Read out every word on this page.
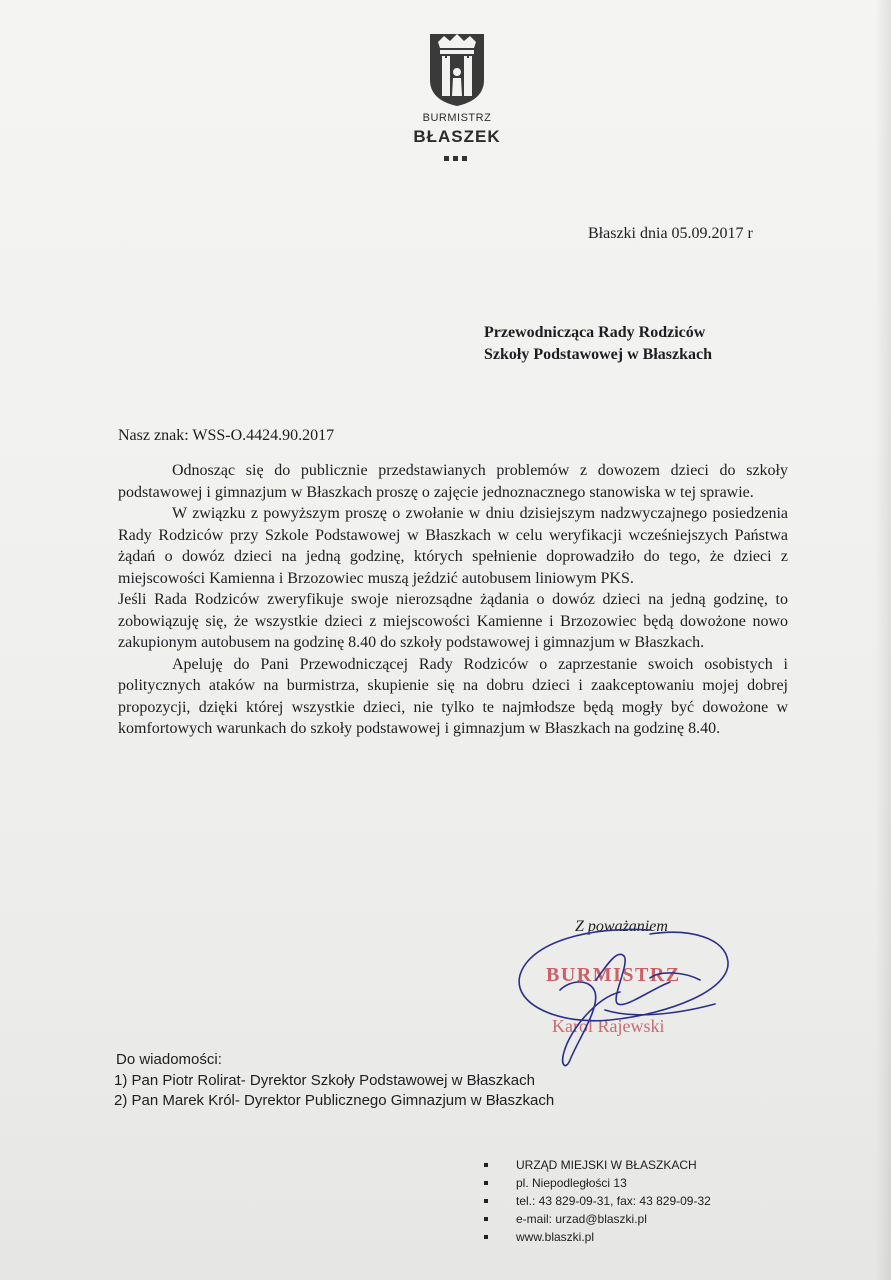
BURMISTRZ
BŁASZEK
Błaszki dnia 05.09.2017 r
Przewodnicząca Rady Rodziców
Szkoły Podstawowej w Błaszkach
Nasz znak: WSS-O.4424.90.2017

Odnosząc się do publicznie przedstawianych problemów z dowozem dzieci do szkoły podstawowej i gimnazjum w Błaszkach proszę o zajęcie jednoznacznego stanowiska w tej sprawie.

W związku z powyższym proszę o zwołanie w dniu dzisiejszym nadzwyczajnego posiedzenia Rady Rodziców przy Szkole Podstawowej w Błaszkach w celu weryfikacji wcześniejszych Państwa żądań o dowóz dzieci na jedną godzinę, których spełnienie doprowadziło do tego, że dzieci z miejscowości Kamienna i Brzozowiec muszą jeździć autobusem liniowym PKS.

Jeśli Rada Rodziców zweryfikuje swoje nierozsądne żądania o dowóz dzieci na jedną godzinę, to zobowiązuję się, że wszystkie dzieci z miejscowości Kamienne i Brzozowiec będą dowożone nowo zakupionym autobusem na godzinę 8.40 do szkoły podstawowej i gimnazjum w Błaszkach.

Apeluję do Pani Przewodniczącej Rady Rodziców o zaprzestanie swoich osobistych i politycznych ataków na burmistrza, skupienie się na dobru dzieci i zaakceptowaniu mojej dobrej propozycji, dzięki której wszystkie dzieci, nie tylko te najmłodsze będą mogły być dowożone w komfortowych warunkach do szkoły podstawowej i gimnazjum w Błaszkach na godzinę 8.40.

Z poważaniem
BURMISTRZ
Karol Rajewski
Do wiadomości:
1) Pan Piotr Rolirat- Dyrektor Szkoły Podstawowej w Błaszkach
2) Pan Marek Król- Dyrektor Publicznego Gimnazjum w Błaszkach
URZĄD MIEJSKI W BŁASZKACH
pl. Niepodległości 13
tel.: 43 829-09-31, fax: 43 829-09-32
e-mail: urzad@blaszki.pl
www.blaszki.pl
